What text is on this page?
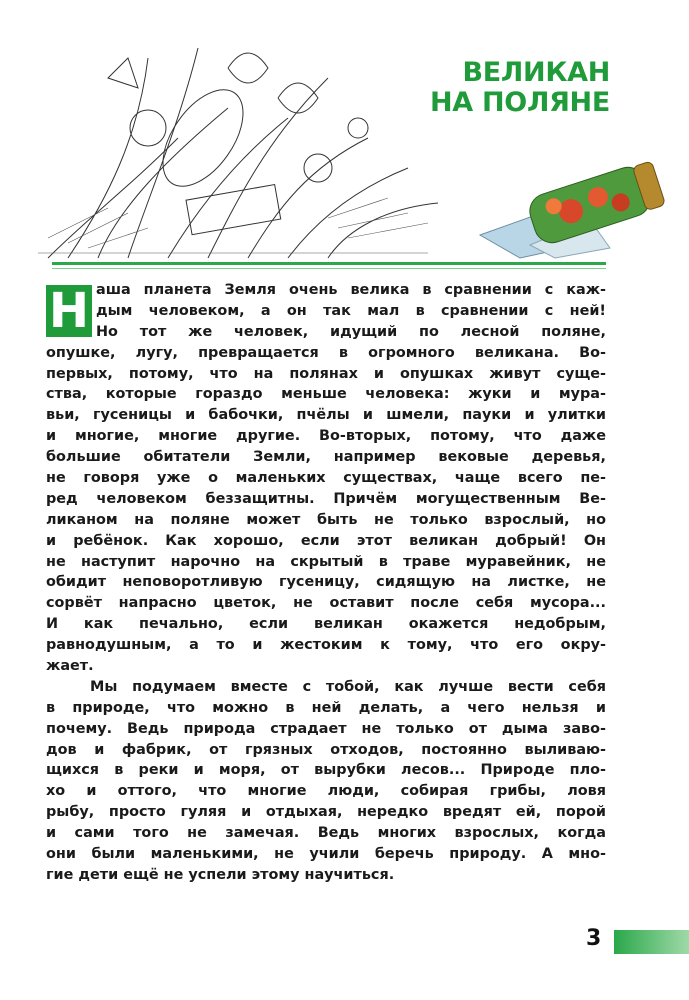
ВЕЛИКАН
НА ПОЛЯНЕ
Н аша планета Земля очень велика в сравнении с каж-
дым человеком, а он так мал в сравнении с ней!
Но тот же человек, идущий по лесной поляне,
опушке, лугу, превращается в огромного великана. Во-
первых, потому, что на полянах и опушках живут суще-
ства, которые гораздо меньше человека: жуки и мура-
вьи, гусеницы и бабочки, пчёлы и шмели, пауки и улитки
и многие, многие другие. Во-вторых, потому, что даже
большие обитатели Земли, например вековые деревья,
не говоря уже о маленьких существах, чаще всего пе-
ред человеком беззащитны. Причём могущественным Ве-
ликаном на поляне может быть не только взрослый, но
и ребёнок. Как хорошо, если этот великан добрый! Он
не наступит нарочно на скрытый в траве муравейник, не
обидит неповоротливую гусеницу, сидящую на листке, не
сорвёт напрасно цветок, не оставит после себя мусора...
И как печально, если великан окажется недобрым,
равнодушным, а то и жестоким к тому, что его окру-
жает.
Мы подумаем вместе с тобой, как лучше вести себя
в природе, что можно в ней делать, а чего нельзя и
почему. Ведь природа страдает не только от дыма заво-
дов и фабрик, от грязных отходов, постоянно выливаю-
щихся в реки и моря, от вырубки лесов... Природе пло-
хо и оттого, что многие люди, собирая грибы, ловя
рыбу, просто гуляя и отдыхая, нередко вредят ей, порой
и сами того не замечая. Ведь многих взрослых, когда
они были маленькими, не учили беречь природу. А мно-
гие дети ещё не успели этому научиться.
3
